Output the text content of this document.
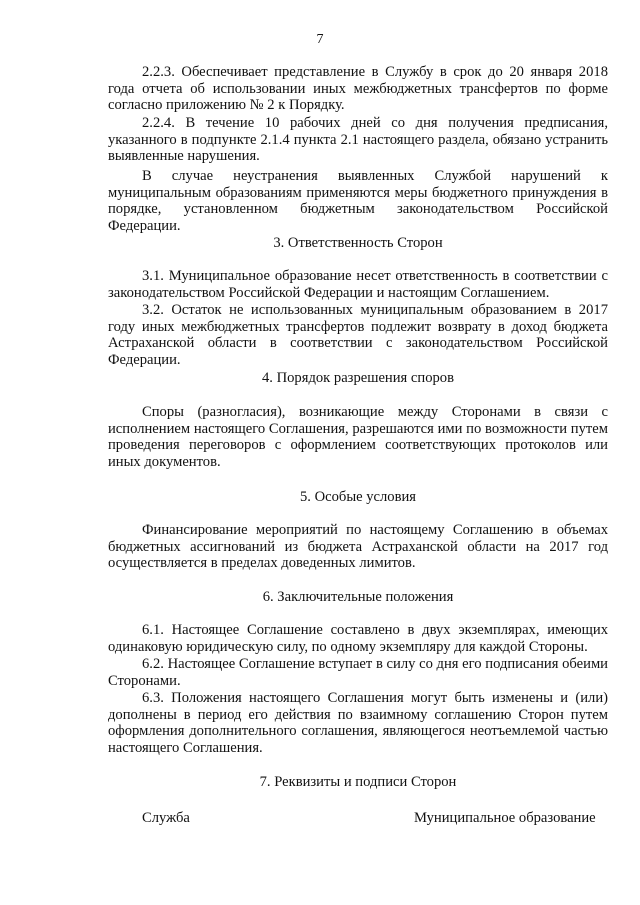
7

2.2.3. Обеспечивает представление в Службу в срок до 20 января 2018 года отчета об использовании иных межбюджетных трансфертов по форме согласно приложению № 2 к Порядку.

2.2.4. В течение 10 рабочих дней со дня получения предписания, указанного в подпункте 2.1.4 пункта 2.1 настоящего раздела, обязано устранить выявленные нарушения.

В случае неустранения выявленных Службой нарушений к муниципальным образованиям применяются меры бюджетного принуждения в порядке, установленном бюджетным законодательством Российской Федерации.

3. Ответственность Сторон

3.1. Муниципальное образование несет ответственность в соответствии с законодательством Российской Федерации и настоящим Соглашением.

3.2. Остаток не использованных муниципальным образованием в 2017 году иных межбюджетных трансфертов подлежит возврату в доход бюджета Астраханской области в соответствии с законодательством Российской Федерации.

4. Порядок разрешения споров

Споры (разногласия), возникающие между Сторонами в связи с исполнением настоящего Соглашения, разрешаются ими по возможности путем проведения переговоров с оформлением соответствующих протоколов или иных документов.

5. Особые условия

Финансирование мероприятий по настоящему Соглашению в объемах бюджетных ассигнований из бюджета Астраханской области на 2017 год осуществляется в пределах доведенных лимитов.

6. Заключительные положения

6.1. Настоящее Соглашение составлено в двух экземплярах, имеющих одинаковую юридическую силу, по одному экземпляру для каждой Стороны.

6.2. Настоящее Соглашение вступает в силу со дня его подписания обеими Сторонами.

6.3. Положения настоящего Соглашения могут быть изменены и (или) дополнены в период его действия по взаимному соглашению Сторон путем оформления дополнительного соглашения, являющегося неотъемлемой частью настоящего Соглашения.

7. Реквизиты и подписи Сторон
Служба	Муниципальное образование
